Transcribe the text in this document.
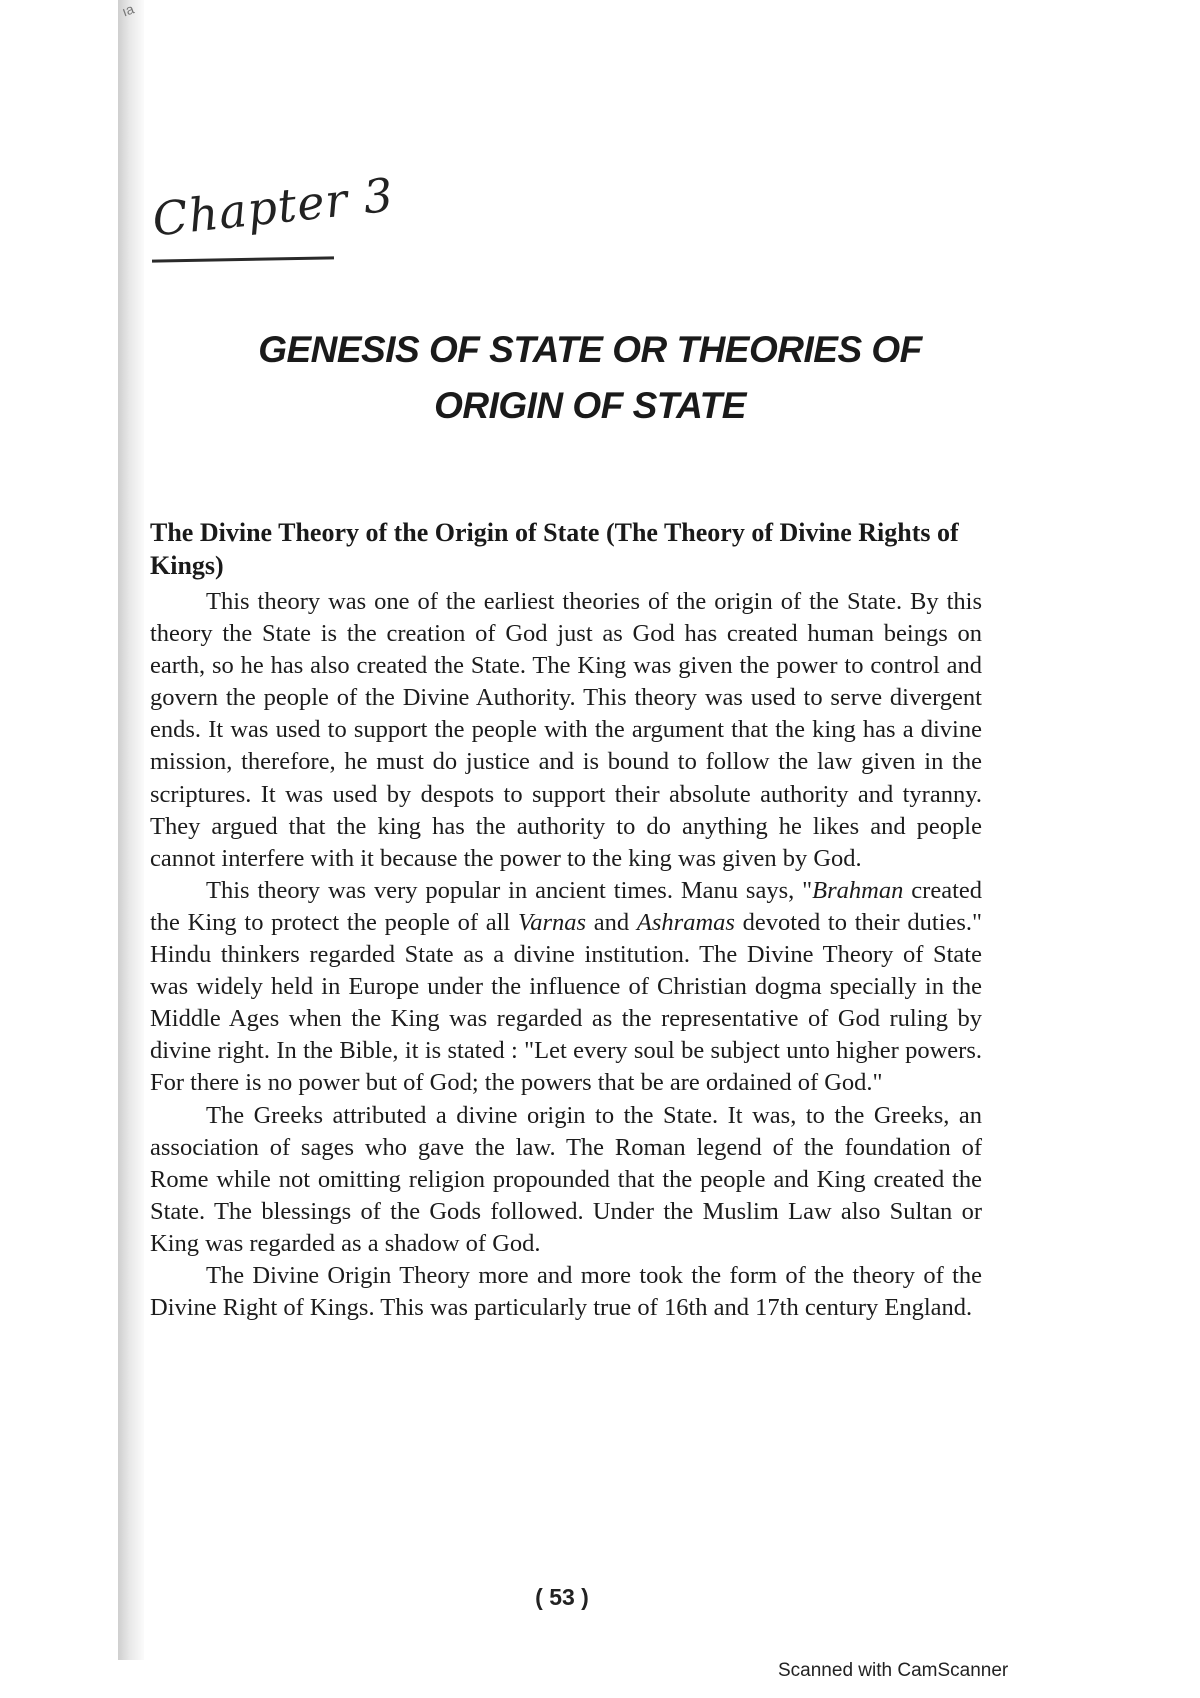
ıa
Chapter 3
GENESIS OF STATE OR THEORIES OF
ORIGIN OF STATE
The Divine Theory of the Origin of State (The Theory of Divine Rights of Kings)

This theory was one of the earliest theories of the origin of the State. By this theory the State is the creation of God just as God has created human beings on earth, so he has also created the State. The King was given the power to control and govern the people of the Divine Authority. This theory was used to serve divergent ends. It was used to support the people with the argument that the king has a divine mission, therefore, he must do justice and is bound to follow the law given in the scriptures. It was used by despots to support their absolute authority and tyranny. They argued that the king has the authority to do anything he likes and people cannot interfere with it because the power to the king was given by God.

This theory was very popular in ancient times. Manu says, "Brahman created the King to protect the people of all Varnas and Ashramas devoted to their duties." Hindu thinkers regarded State as a divine institution. The Divine Theory of State was widely held in Europe under the influence of Christian dogma specially in the Middle Ages when the King was regarded as the representative of God ruling by divine right. In the Bible, it is stated : "Let every soul be subject unto higher powers. For there is no power but of God; the powers that be are ordained of God."

The Greeks attributed a divine origin to the State. It was, to the Greeks, an association of sages who gave the law. The Roman legend of the foundation of Rome while not omitting religion propounded that the people and King created the State. The blessings of the Gods followed. Under the Muslim Law also Sultan or King was regarded as a shadow of God.

The Divine Origin Theory more and more took the form of the theory of the Divine Right of Kings. This was particularly true of 16th and 17th century England.

( 53 )
Scanned with CamScanner
